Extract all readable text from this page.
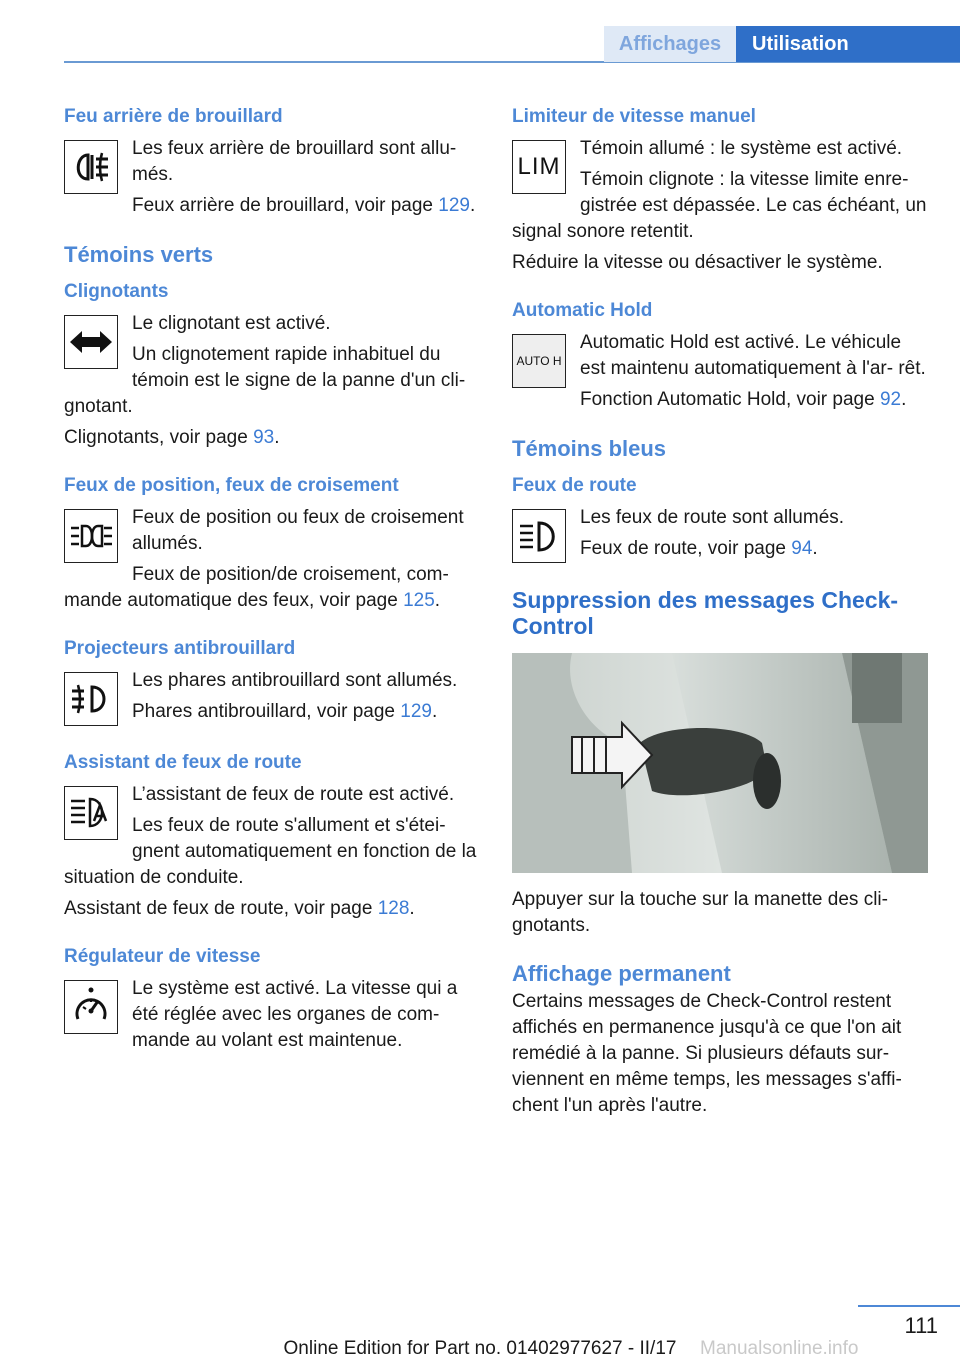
Affichages	Utilisation
Feu arrière de brouillard

Les feux arrière de brouillard sont allu‐ més.

Feux arrière de brouillard, voir page 129.

Témoins verts
Clignotants

Le clignotant est activé.

Un clignotement rapide inhabituel du témoin est le signe de la panne d'un cli‐ gnotant.

Clignotants, voir page 93.

Feux de position, feux de croisement

Feux de position ou feux de croisement allumés.

Feux de position/de croisement, com‐ mande automatique des feux, voir page 125.

Projecteurs antibrouillard

Les phares antibrouillard sont allumés.

Phares antibrouillard, voir page 129.

Assistant de feux de route

L’assistant de feux de route est activé.

Les feux de route s'allument et s'étei‐ gnent automatiquement en fonction de la situation de conduite.

Assistant de feux de route, voir page 128.

Régulateur de vitesse

Le système est activé. La vitesse qui a été réglée avec les organes de com‐ mande au volant est maintenue.

Limiteur de vitesse manuel
LIM

Témoin allumé : le système est activé.

Témoin clignote : la vitesse limite enre‐ gistrée est dépassée. Le cas échéant, un signal sonore retentit.

Réduire la vitesse ou désactiver le système.

Automatic Hold
AUTO H

Automatic Hold est activé. Le véhicule est maintenu automatiquement à l'ar‐ rêt.

Fonction Automatic Hold, voir page 92.

Témoins bleus
Feux de route

Les feux de route sont allumés.

Feux de route, voir page 94.

Suppression des messages Check-Control

Appuyer sur la touche sur la manette des cli‐ gnotants.

Affichage permanent

Certains messages de Check-Control restent affichés en permanence jusqu'à ce que l'on ait remédié à la panne. Si plusieurs défauts sur‐ viennent en même temps, les messages s'affi‐ chent l'un après l'autre.

111
Online Edition for Part no. 01402977627 - II/17	Manualsonline.info
